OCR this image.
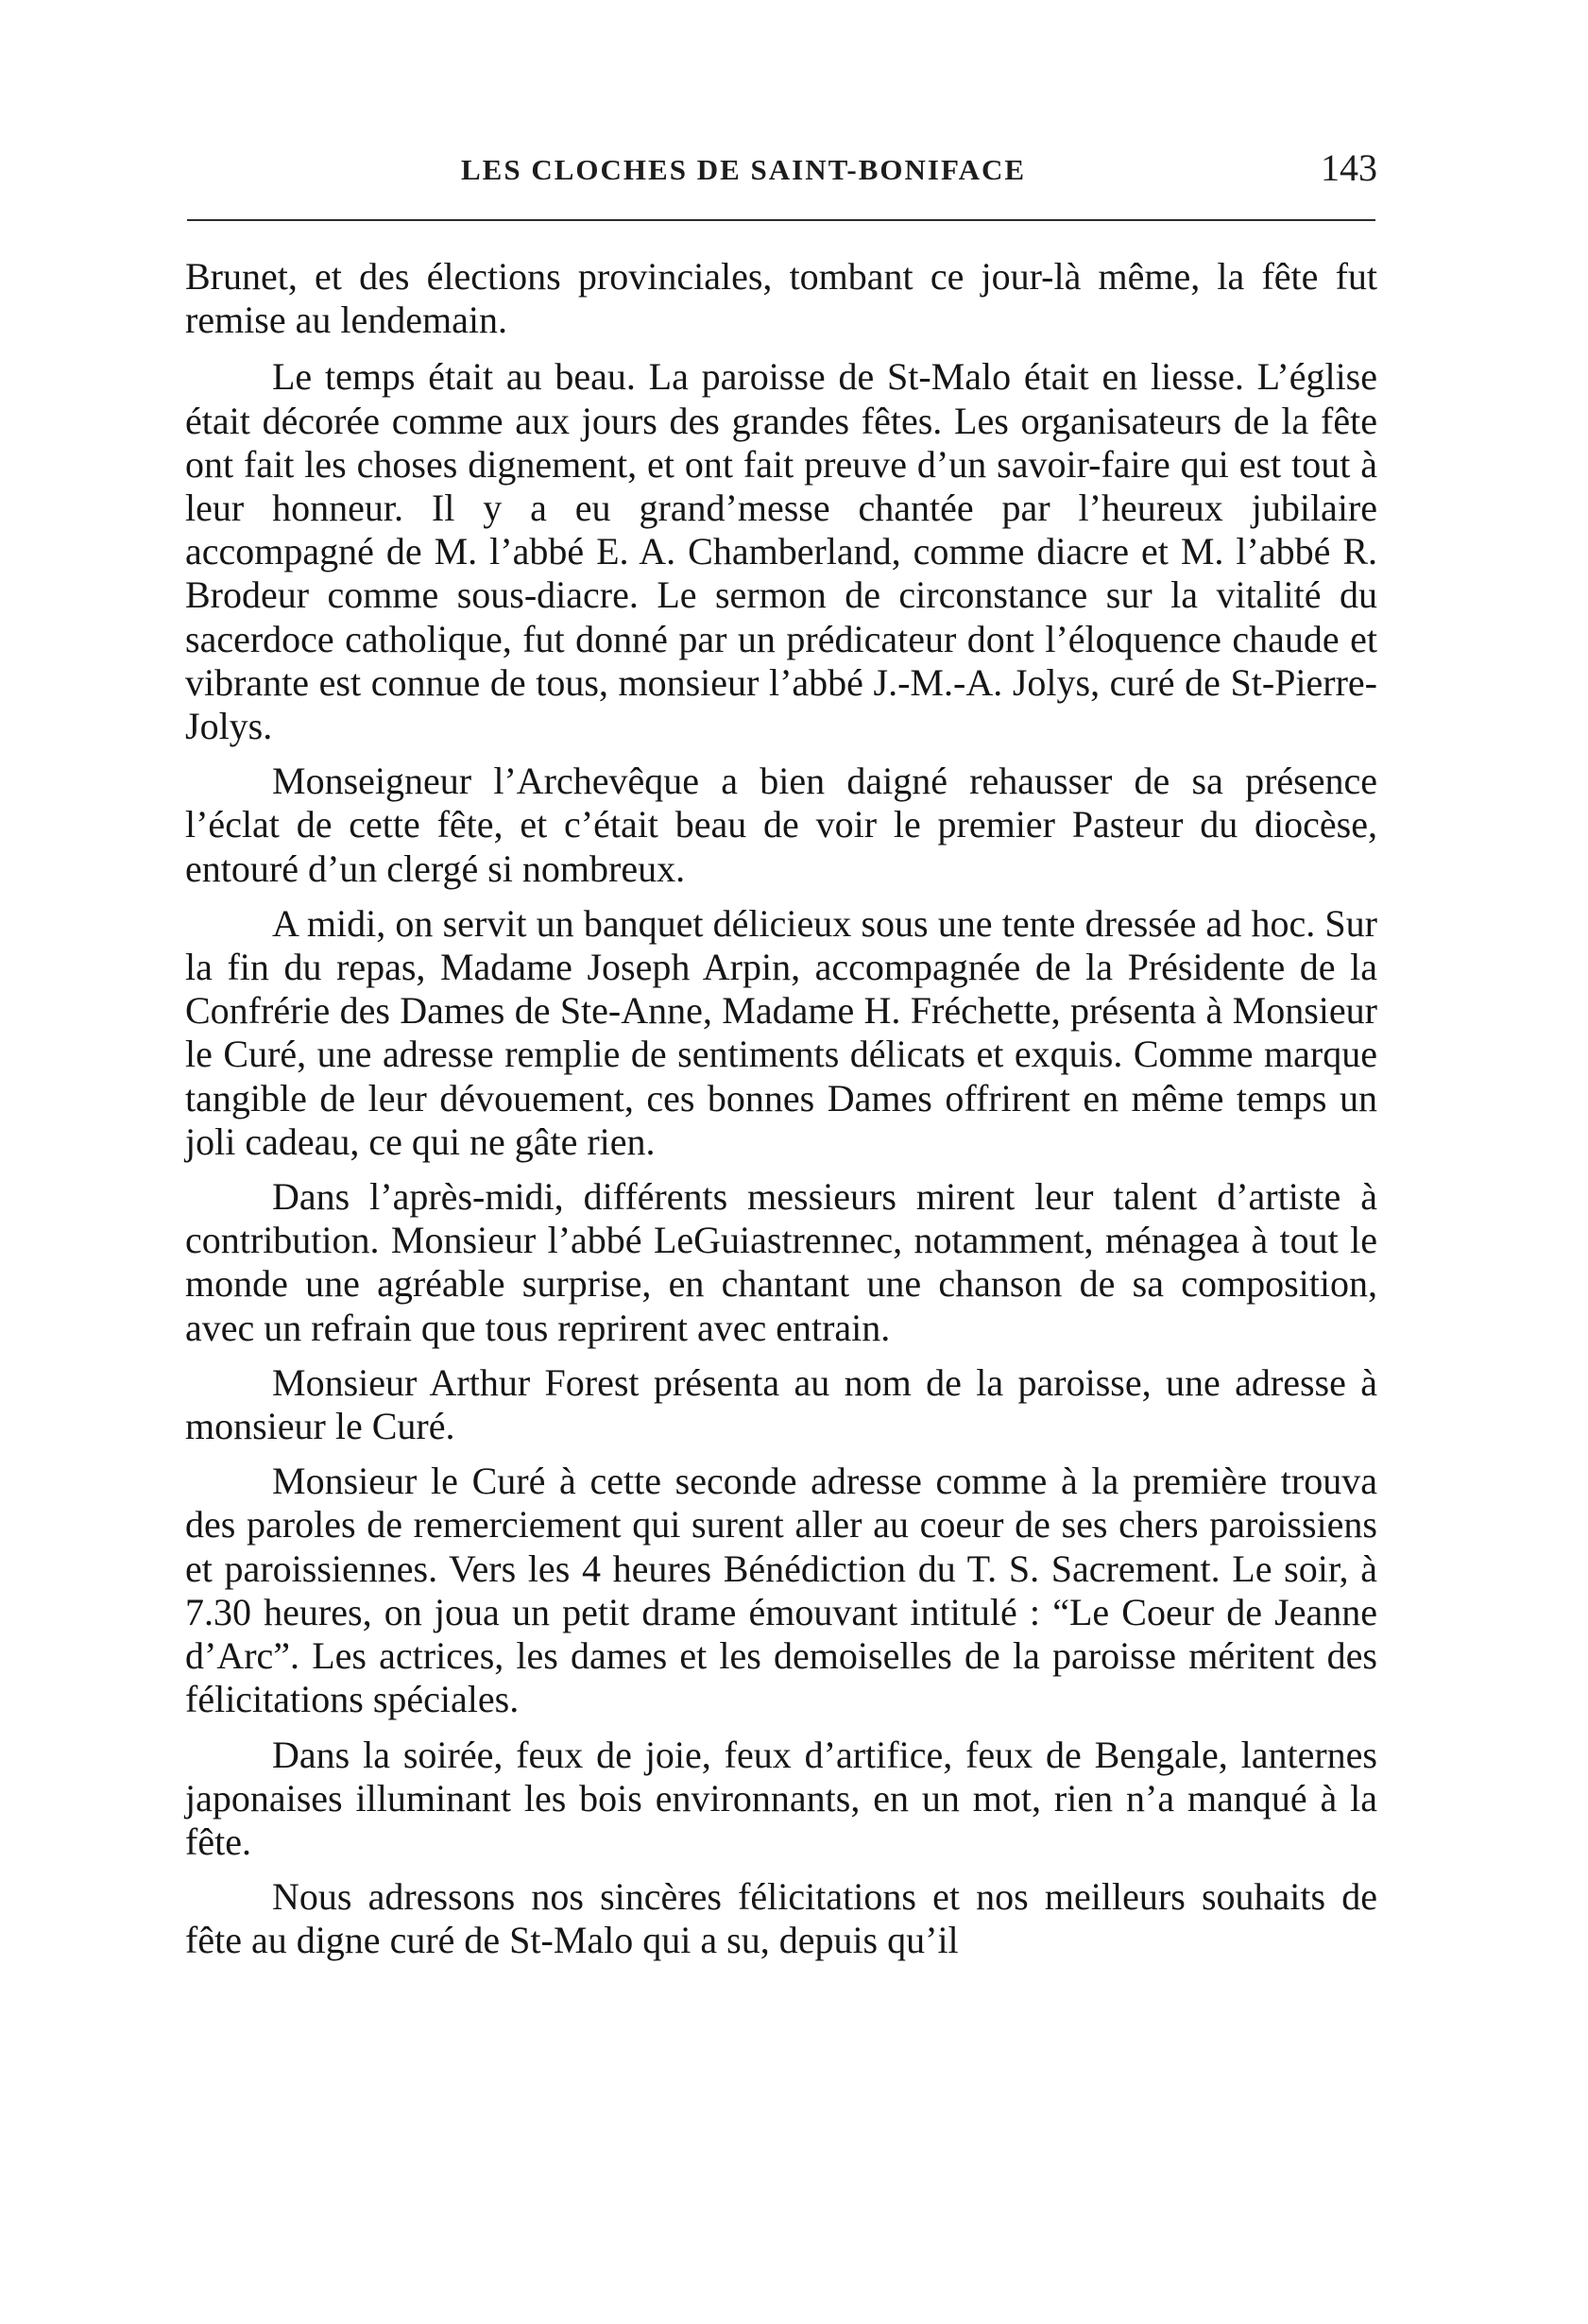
LES CLOCHES DE SAINT-BONIFACE	143

Brunet, et des élections provinciales, tombant ce jour-là même, la fête fut remise au lendemain.

Le temps était au beau. La paroisse de St-Malo était en liesse. L’église était décorée comme aux jours des grandes fêtes. Les organisateurs de la fête ont fait les choses dignement, et ont fait preuve d’un savoir-faire qui est tout à leur honneur. Il y a eu grand’messe chantée par l’heureux jubilaire accompagné de M. l’abbé E. A. Chamberland, comme diacre et M. l’abbé R. Brodeur comme sous-diacre. Le sermon de circonstance sur la vitalité du sacerdoce catholique, fut donné par un prédicateur dont l’éloquence chaude et vibrante est connue de tous, monsieur l’abbé J.-M.-A. Jolys, curé de St-Pierre-Jolys.

Monseigneur l’Archevêque a bien daigné rehausser de sa présence l’éclat de cette fête, et c’était beau de voir le premier Pasteur du diocèse, entouré d’un clergé si nombreux.

A midi, on servit un banquet délicieux sous une tente dressée ad hoc. Sur la fin du repas, Madame Joseph Arpin, accompagnée de la Présidente de la Confrérie des Dames de Ste-Anne, Madame H. Fréchette, présenta à Monsieur le Curé, une adresse remplie de sentiments délicats et exquis. Comme marque tangible de leur dévouement, ces bonnes Dames offrirent en même temps un joli cadeau, ce qui ne gâte rien.

Dans l’après-midi, différents messieurs mirent leur talent d’artiste à contribution. Monsieur l’abbé LeGuiastrennec, notamment, ménagea à tout le monde une agréable surprise, en chantant une chanson de sa composition, avec un refrain que tous reprirent avec entrain.

Monsieur Arthur Forest présenta au nom de la paroisse, une adresse à monsieur le Curé.

Monsieur le Curé à cette seconde adresse comme à la première trouva des paroles de remerciement qui surent aller au coeur de ses chers paroissiens et paroissiennes. Vers les 4 heures Bénédiction du T. S. Sacrement. Le soir, à 7.30 heures, on joua un petit drame émouvant intitulé : “Le Coeur de Jeanne d’Arc”. Les actrices, les dames et les demoiselles de la paroisse méritent des félicitations spéciales.

Dans la soirée, feux de joie, feux d’artifice, feux de Bengale, lanternes japonaises illuminant les bois environnants, en un mot, rien n’a manqué à la fête.

Nous adressons nos sincères félicitations et nos meilleurs souhaits de fête au digne curé de St-Malo qui a su, depuis qu’il
